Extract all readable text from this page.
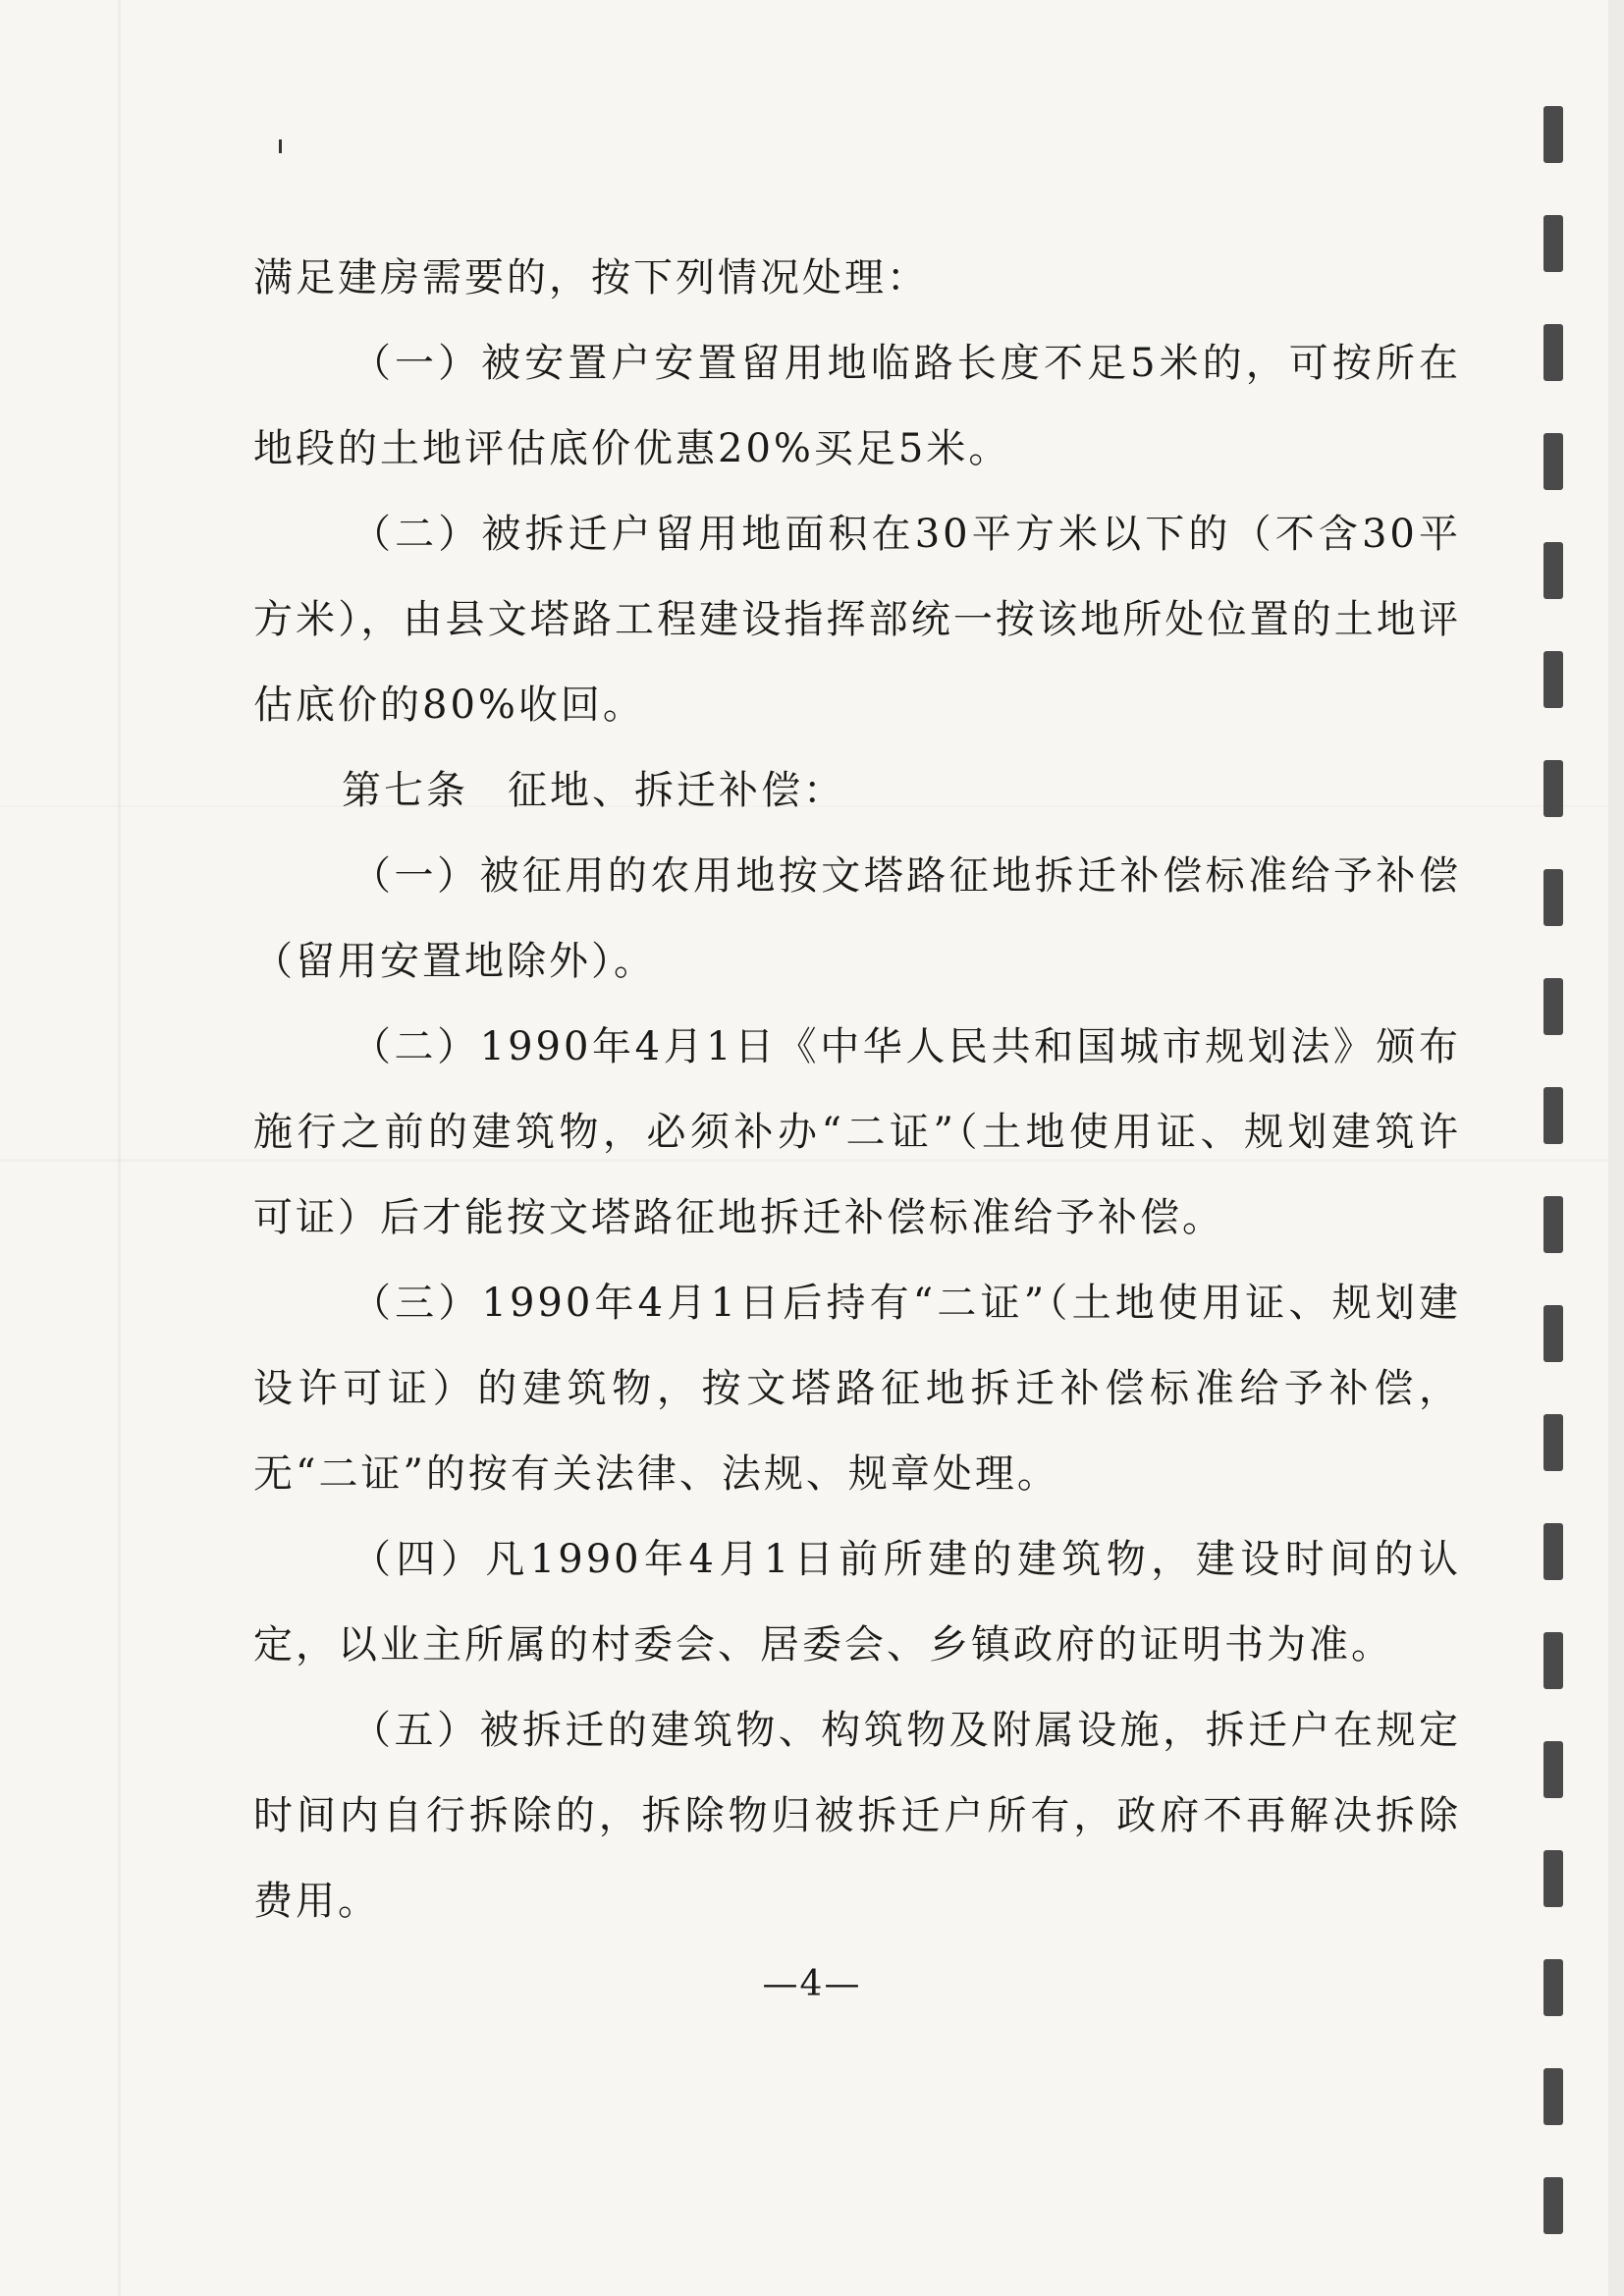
满足建房需要的，按下列情况处理：

（一）被安置户安置留用地临路长度不足5米的，可按所在地段的土地评估底价优惠20%买足5米。

（二）被拆迁户留用地面积在30平方米以下的（不含30平方米），由县文塔路工程建设指挥部统一按该地所处位置的土地评估底价的80%收回。

第七条 征地、拆迁补偿：

（一）被征用的农用地按文塔路征地拆迁补偿标准给予补偿（留用安置地除外）。

（二）1990年4月1日《中华人民共和国城市规划法》颁布施行之前的建筑物，必须补办“二证”（土地使用证、规划建筑许可证）后才能按文塔路征地拆迁补偿标准给予补偿。

（三）1990年4月1日后持有“二证”（土地使用证、规划建设许可证）的建筑物，按文塔路征地拆迁补偿标准给予补偿，无“二证”的按有关法律、法规、规章处理。

（四）凡1990年4月1日前所建的建筑物，建设时间的认定，以业主所属的村委会、居委会、乡镇政府的证明书为准。

（五）被拆迁的建筑物、构筑物及附属设施，拆迁户在规定时间内自行拆除的，拆除物归被拆迁户所有，政府不再解决拆除费用。

—4—
